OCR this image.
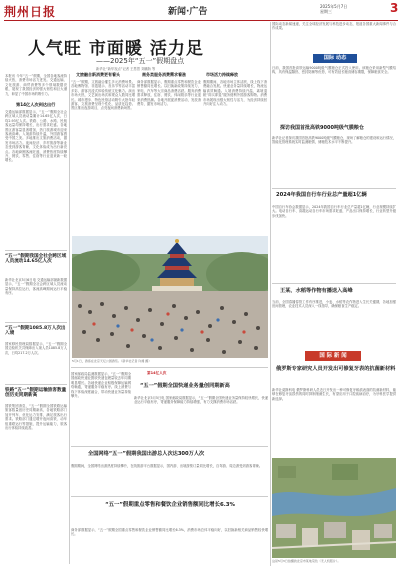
荆州日报	新闻·广告
2025年5月7日
星期三	3
人气旺 市面暖 活力足
——2025年“五一”假期盘点
新华社“新华视点”记者 王思思 刘鹏娇 等
本报讯 今年“五一”假期，全国各地客流持续火热，消费市场活力迸发。交通运输、文化旅游、商贸消费等多个领域数据亮眼，展现了我国经济的强大韧性和巨大潜力，彰显了中国市场的吸引力。
第14亿人次到达出行
交通运输部数据显示，“五一”假期全社会跨区域人员流动量累计14.65亿人次，日均2.93亿人次。铁路、公路、水路、民航客运量均保持增长，出行需求旺盛。各地景区游客量显著增加，热门旅游城市迎来客流高峰。入境游持续升温，外国游客感受中国之美。多地推出文旅消费活动，激发市场活力。夜间经济、乡村旅游等新业态受到游客青睐，文化体验成为出行新亮点。各地商圈客流旺盛，消费热度持续攀升，餐饮、零售、住宿等行业迎来新一轮增长。
“五一”假期我国全社会跨区域人员流动14.65亿人次
新华社北京5月6日电 交通运输部最新数据显示，“五一”假期全社会跨区域人员流动量保持高位运行，客流高峰期间运行平稳有序。
“五一”假期1085.8万人次出入境
国家移民管理局数据显示，“五一”假期全国边检机关共保障出入境人员1085.8万人次，日均217.2万人次。
铁路“五一”假期运输旅客数量创历史同期新高
国铁集团消息，“五一”假期全国铁路运输旅客数量创历史同期新高，各地铁路部门加开列车、优化运力安排，满足旅客出行需求。铁路部门通过增开夜间高铁、动车组重联运行等措施，提升运输能力，旅客出行体验持续改善。
文旅融合新消费更有看头
“五一”假期，文旅融合催生多元消费场景。各地博物馆、非遗展示、音乐节等活动丰富多彩，游客沉浸式体验传统文化魅力。演出市场火热，文艺演出场次和观众人数同比增长。城市漫步、特色民俗活动吸引大批年轻游客，文旅消费呈现个性化、品质化趋势。景区推出夜游项目，点亮夜间消费新场景。
商务类服务消费需求看涨
商务部数据显示，假期重点零售和餐饮企业销售额同比增长。以旧换新政策持续发力，家电、汽车等大宗商品消费活跃。服务消费需求释放，住宿、餐饮、休闲娱乐等行业迎来消费热潮。各地开展促消费活动，发放消费券，激发市场活力。
市场活力持续释放
假期期间，各地市场主体活跃，线上线下消费融合发展。快递业务量持续增长，物流运输高效畅通。入境消费持续升温，离境退税“即买即退”服务便利外国游客购物。消费市场展现出强大韧性与活力，为经济持续回升向好注入动力。
5月1日，游客在北京天坛公园游览。（新华社记者 许湘 摄）
国家邮政局监测数据显示，“五一”假期全国邮政快递业揽收快递包裹量较去年同期明显增长。各地快递企业积极保障运输网络畅通，寄递服务平稳有序。线上消费与线下体验深度融合，带动快递业务量持续攀升。
第14亿人次
“五一”假期全国快递业务量创同期新高
新华社北京5月5日电 国家邮政局数据显示，“五一”假期全国快递业务量保持较快增长，快递业运行平稳有序，寄递服务保障能力持续增强，有力支撑消费市场活跃。
全国网络“五一”假期我国出游总人次达300万人次
假期期间，全国网络出游热度持续攀升，在线旅游平台数据显示，国内游、出境游预订量同比增长，自驾游、周边游受到游客青睐。
“五一”假期重点零售和餐饮企业销售额同比增长6.3%
商务部数据显示，“五一”假期全国重点零售和餐饮企业销售额同比增长6.3%，消费市场总体平稳向好，以旧换新相关商品销售较快增长。
国际动态新闻速递，关注全球经济发展与科技进步动态，报道各国重大新闻事件与合作成果。
国际 动态
日前，我国首批高铁运输9000吨级气膜粮仓正式投入使用。该粮仓采用新型气膜结构，具有保温隔热、密封防潮等优势，可有效延长粮食储存期限，保障粮食安全。
探访我国首批高铁9000吨级气膜粮仓
新华社记者探访我国首批高铁9000吨级气膜粮仓，现场了解粮仓的建设和运行情况，智能化管理系统实时监测粮情，储粮技术水平不断提升。
2024年我国自行车行业总产量超1亿辆
中国自行车协会数据显示，2024年我国自行车行业总产量超1亿辆，行业规模持续扩大。电动自行车、高端运动自行车市场需求旺盛，产品出口保持增长，行业转型升级步伐加快。
王某、水稻等作物有播送入高峰
当前，全国春播春管工作有序推进，小麦、水稻等农作物进入生长关键期，各地加强田间管理，农业技术人员深入一线指导，确保粮食生产稳定。
国 际 新 闻
俄罗斯专家研究人员开发出可修复牙表的抗菌新材料
新华社莫斯科电 俄罗斯科研人员近日开发出一种可修复牙釉质表面的抗菌新材料，能够在修复牙齿损伤的同时抑制细菌生长，有望应用于口腔疾病治疗，为牙科医学提供新选择。
这是5月3日拍摄的北京市某地景色（无人机照片）。
